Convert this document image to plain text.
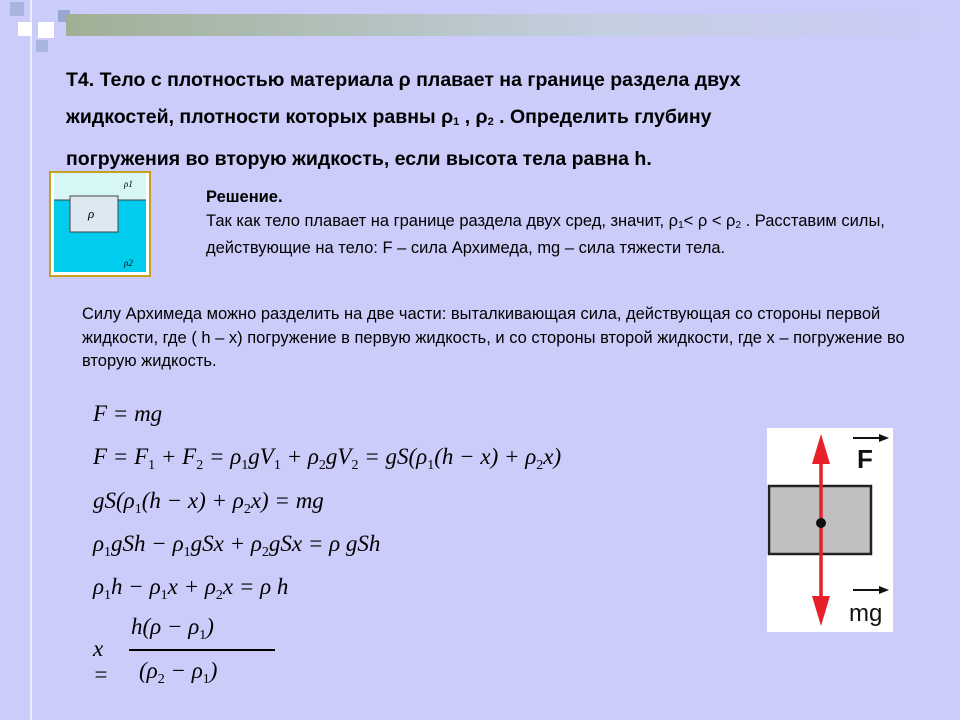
Т4. Тело с плотностью материала ρ плавает на границе раздела двух
жидкостей, плотности которых равны $\rho_1$ , $\rho_2$ . Определить глубину
погружения во вторую жидкость, если высота тела равна h.
ρ
ρ1
ρ2
Решение.
Так как тело плавает на границе раздела двух сред, значит, $\rho_1< \rho < \rho_2$ . Расставим силы, действующие на тело: F – сила Архимеда, mg – сила тяжести тела.
Силу Архимеда можно разделить на две части: выталкивающая сила, действующая со стороны первой жидкости, где ( h – x) погружение в первую жидкость, и со стороны второй жидкости, где x – погружение во вторую жидкость.
F = mg
$F = F_1 + F_2 = \rho_1gV_1 + \rho_2gV_2 = gS(\rho_1(h - x) + \rho_2x)$
$gS(\rho_1(h - x) + \rho_2x)$ = mg
$\rho_1gSh - \rho_1gSx + \rho_2gSx = \rho$ gSh
$\rho_1h - \rho_1x + \rho_2x = \rho$ h
x =
$h(\rho - \rho_1)$
$(\rho_2 - \rho_1)$
F
mg
